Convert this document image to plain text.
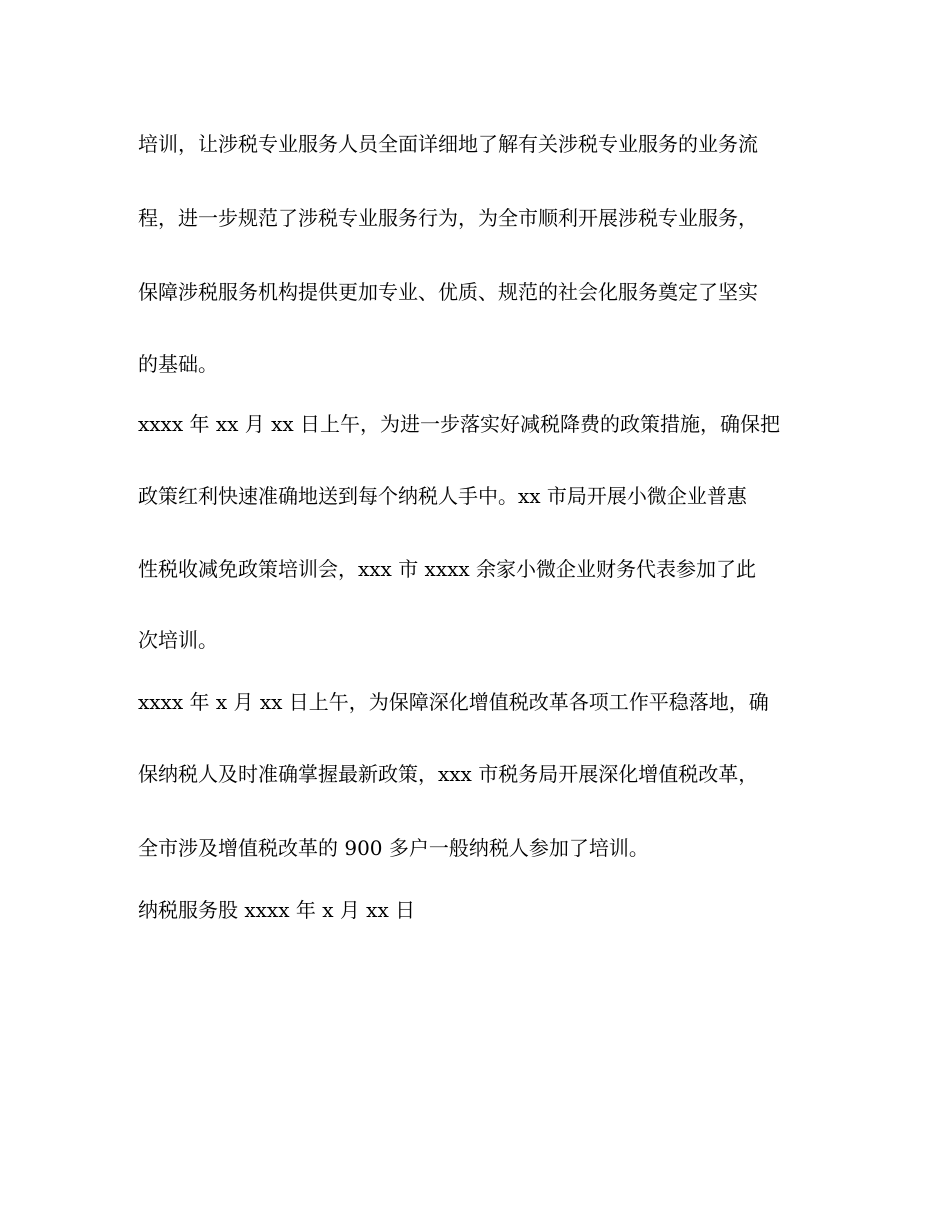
培训，让涉税专业服务人员全面详细地了解有关涉税专业服务的业务流

程，进一步规范了涉税专业服务行为，为全市顺利开展涉税专业服务，

保障涉税服务机构提供更加专业、优质、规范的社会化服务奠定了坚实

的基础。

xxxx 年 xx 月 xx 日上午，为进一步落实好减税降费的政策措施，确保把

政策红利快速准确地送到每个纳税人手中。xx 市局开展小微企业普惠

性税收减免政策培训会，xxx 市 xxxx 余家小微企业财务代表参加了此

次培训。

xxxx 年 x 月 xx 日上午，为保障深化增值税改革各项工作平稳落地，确

保纳税人及时准确掌握最新政策，xxx 市税务局开展深化增值税改革，

全市涉及增值税改革的 900 多户一般纳税人参加了培训。

纳税服务股 xxxx 年 x 月 xx 日
